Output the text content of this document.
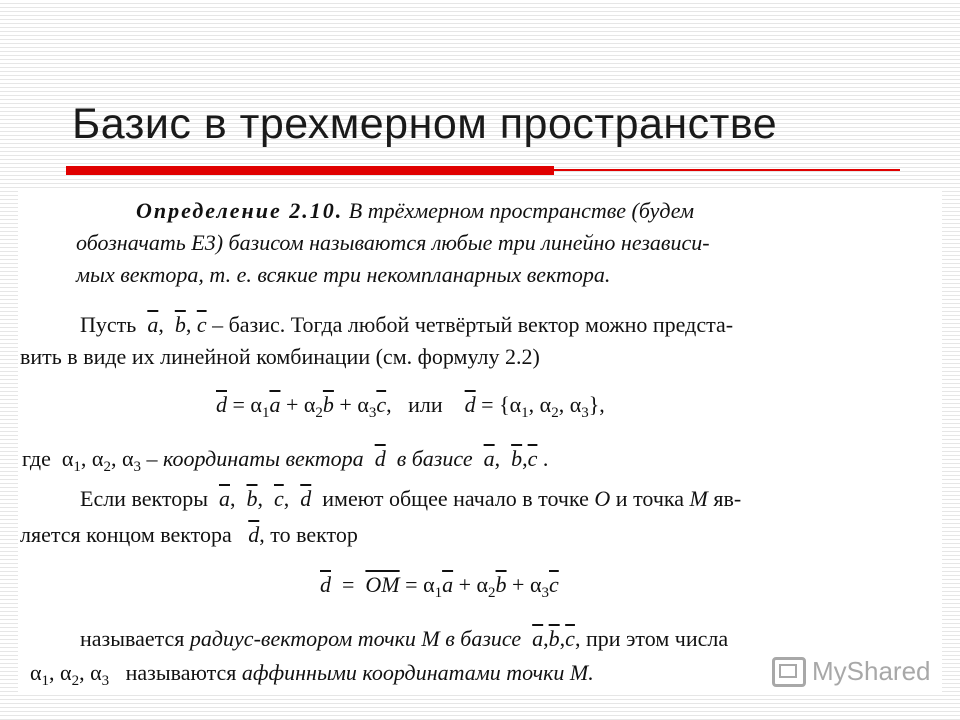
Базис в трехмерном пространстве
Определение 2.10. В трёхмерном пространстве (будем
обозначать E3) базисом называются любые три линейно независи-
мых вектора, т. е. всякие три некомпланарных вектора.
Пусть $\overline{a}$,  $\overline{b}$, $\overline{c}$ – базис. Тогда любой четвёртый вектор можно предста-
вить в виде их линейной комбинации (см. формулу 2.2)
$\overline{d} = \alpha_1\overline{a} + \alpha_2\overline{b} + \alpha_3\overline{c}$, или $\overline{d} = \{\alpha_1$, $\alpha_2$, $\alpha_3$},
где $\alpha_1$, $\alpha_2$, $\alpha_3$ – координаты вектора $\overline{d}$ в базисе $\overline{a}$, $\overline{b},\overline{c}$ .
Если векторы $\overline{a}$,  $\overline{b}$,  $\overline{c}$,  $\overline{d}$ имеют общее начало в точке O и точка M яв-
ляется концом вектора $\overline{d}$, то вектор
$\overline{d} = \overline{OM} = \alpha_1\overline{a} + \alpha_2\overline{b} + \alpha_3\overline{c}$
называется радиус-вектором точки M в базисе $\overline{a},\overline{b},\overline{c}$, при этом числа
$\alpha_1$, $\alpha_2$, $\alpha_3$ называются аффинными координатами точки M.	MyShared
